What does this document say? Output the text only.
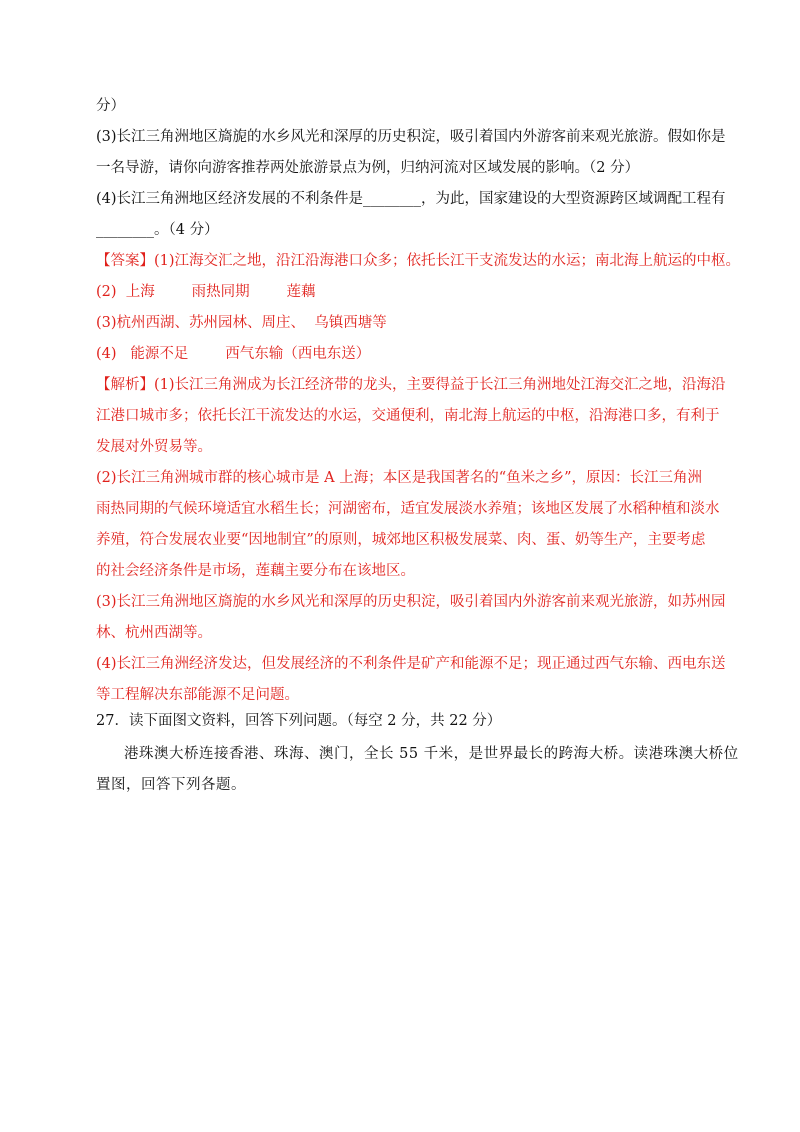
分）
(3)长江三角洲地区旖旎的水乡风光和深厚的历史积淀，吸引着国内外游客前来观光旅游。假如你是
一名导游，请你向游客推荐两处旅游景点为例，归纳河流对区域发展的影响。（2 分）
(4)长江三角洲地区经济发展的不利条件是________，为此，国家建设的大型资源跨区域调配工程有
________。（4 分）
【答案】(1)江海交汇之地，沿江沿海港口众多；依托长江干支流发达的水运；南北海上航运的中枢。
(2)  上海        雨热同期        莲藕
(3)杭州西湖、苏州园林、周庄、  乌镇西塘等
(4)   能源不足        西气东输（西电东送）
【解析】(1)长江三角洲成为长江经济带的龙头，主要得益于长江三角洲地处江海交汇之地，沿海沿
江港口城市多；依托长江干流发达的水运，交通便利，南北海上航运的中枢，沿海港口多，有利于
发展对外贸易等。
(2)长江三角洲城市群的核心城市是 A 上海；本区是我国著名的“鱼米之乡”，原因：长江三角洲
雨热同期的气候环境适宜水稻生长；河湖密布，适宜发展淡水养殖；该地区发展了水稻种植和淡水
养殖，符合发展农业要“因地制宜”的原则，城郊地区积极发展菜、肉、蛋、奶等生产，主要考虑
的社会经济条件是市场，莲藕主要分布在该地区。
(3)长江三角洲地区旖旎的水乡风光和深厚的历史积淀，吸引着国内外游客前来观光旅游，如苏州园
林、杭州西湖等。
(4)长江三角洲经济发达，但发展经济的不利条件是矿产和能源不足；现正通过西气东输、西电东送
等工程解决东部能源不足问题。
27．读下面图文资料，回答下列问题。（每空 2 分，共 22 分）
港珠澳大桥连接香港、珠海、澳门，全长 55 千米，是世界最长的跨海大桥。读港珠澳大桥位
置图，回答下列各题。
